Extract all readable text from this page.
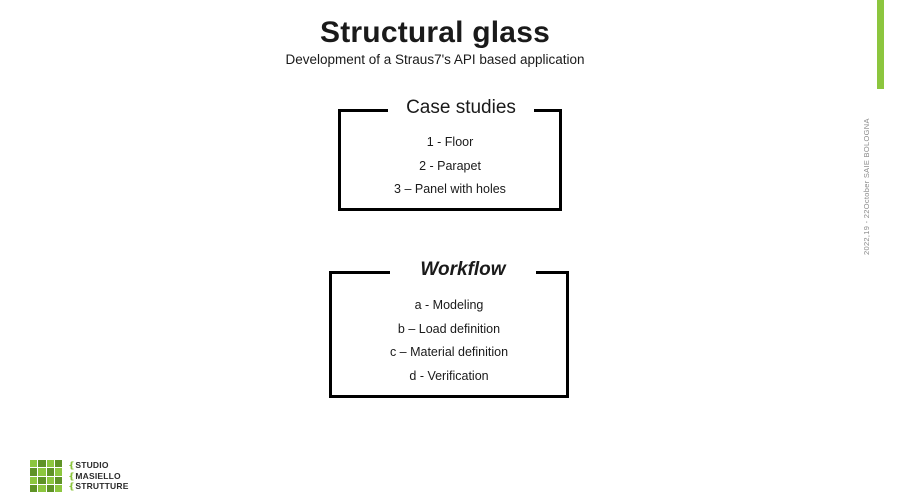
Structural glass
Development of a Straus7's API based application
Case studies
1 - Floor
2 - Parapet
3 – Panel with holes
Workflow
a - Modeling
b – Load definition
c – Material definition
d - Verification
2022,19 - 22October SAIE BOLOGNA
❴STUDIO
❴MASIELLO
❴STRUTTURE
